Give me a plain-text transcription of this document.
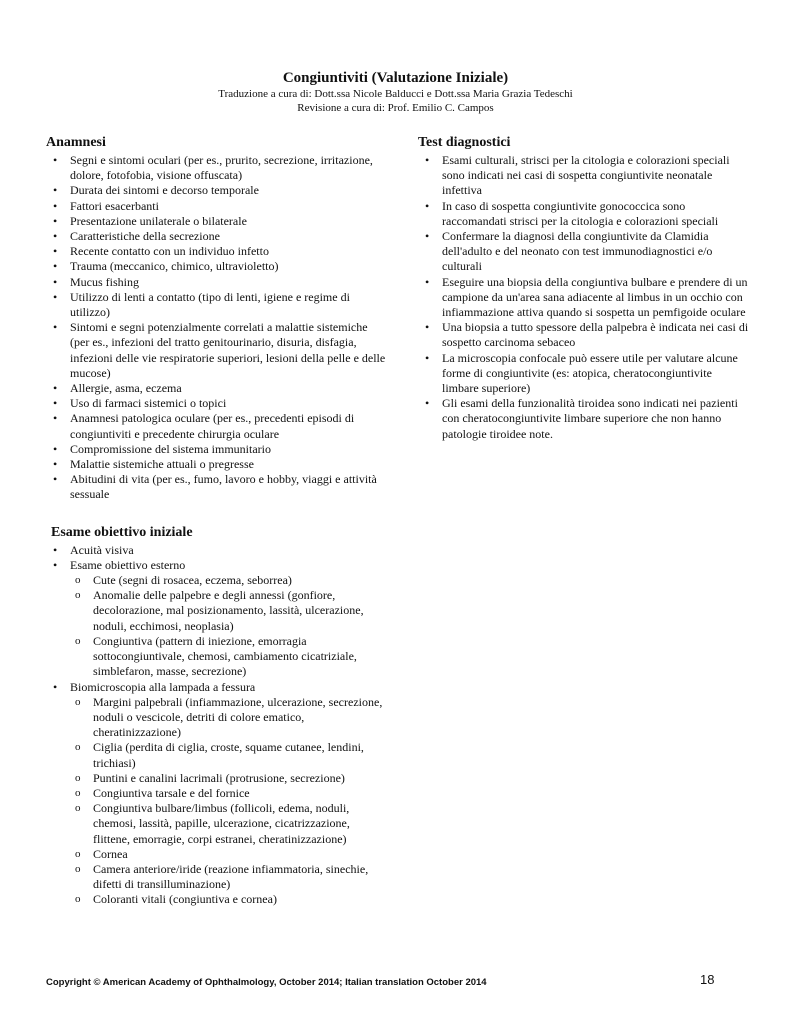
Congiuntiviti (Valutazione Iniziale)
Traduzione a cura di: Dott.ssa Nicole Balducci e Dott.ssa Maria Grazia Tedeschi
Revisione a cura di: Prof. Emilio C. Campos
Anamnesi
• Segni e sintomi oculari (per es., prurito, secrezione, irritazione, dolore, fotofobia, visione offuscata)
• Durata dei sintomi e decorso temporale
• Fattori esacerbanti
• Presentazione unilaterale o bilaterale
• Caratteristiche della secrezione
• Recente contatto con un individuo infetto
• Trauma (meccanico, chimico, ultravioletto)
• Mucus fishing
• Utilizzo di lenti a contatto (tipo di lenti, igiene e regime di utilizzo)
• Sintomi e segni potenzialmente correlati a malattie sistemiche (per es., infezioni del tratto genitourinario, disuria, disfagia, infezioni delle vie respiratorie superiori, lesioni della pelle e delle mucose)
• Allergie, asma, eczema
• Uso di farmaci sistemici o topici
• Anamnesi patologica oculare (per es., precedenti episodi di congiuntiviti e precedente chirurgia oculare
• Compromissione del sistema immunitario
• Malattie sistemiche attuali o pregresse
• Abitudini di vita (per es., fumo, lavoro e hobby, viaggi e attività sessuale
Esame obiettivo iniziale
• Acuità visiva
• Esame obiettivo esterno
o Cute (segni di rosacea, eczema, seborrea)
o Anomalie delle palpebre e degli annessi (gonfiore, decolorazione, mal posizionamento, lassità, ulcerazione, noduli, ecchimosi, neoplasia)
o Congiuntiva (pattern di iniezione, emorragia sottocongiuntivale, chemosi, cambiamento cicatriziale, simblefaron, masse, secrezione)
• Biomicroscopia alla lampada a fessura
o Margini palpebrali (infiammazione, ulcerazione, secrezione, noduli o vescicole, detriti di colore ematico, cheratinizzazione)
o Ciglia (perdita di ciglia, croste, squame cutanee, lendini, trichiasi)
o Puntini e canalini lacrimali (protrusione, secrezione)
o Congiuntiva tarsale e del fornice
o Congiuntiva bulbare/limbus (follicoli, edema, noduli, chemosi, lassità, papille, ulcerazione, cicatrizzazione, flittene, emorragie, corpi estranei, cheratinizzazione)
o Cornea
o Camera anteriore/iride (reazione infiammatoria, sinechie, difetti di transilluminazione)
o Coloranti vitali (congiuntiva e cornea)
Test diagnostici
• Esami culturali, strisci per la citologia e colorazioni speciali sono indicati nei casi di sospetta congiuntivite neonatale infettiva
• In caso di sospetta congiuntivite gonococcica sono raccomandati strisci per la citologia e colorazioni speciali
• Confermare la diagnosi della congiuntivite da Clamidia dell'adulto e del neonato con test immunodiagnostici e/o culturali
• Eseguire una biopsia della congiuntiva bulbare e prendere di un campione da un'area sana adiacente al limbus in un occhio con infiammazione attiva quando si sospetta un pemfigoide oculare
• Una biopsia a tutto spessore della palpebra è indicata nei casi di sospetto carcinoma sebaceo
• La microscopia confocale può essere utile per valutare alcune forme di congiuntivite (es: atopica, cheratocongiuntivite limbare superiore)
• Gli esami della funzionalità tiroidea sono indicati nei pazienti con cheratocongiuntivite limbare superiore che non hanno patologie tiroidee note.
Copyright © American Academy of Ophthalmology, October 2014; Italian translation October 2014	18
